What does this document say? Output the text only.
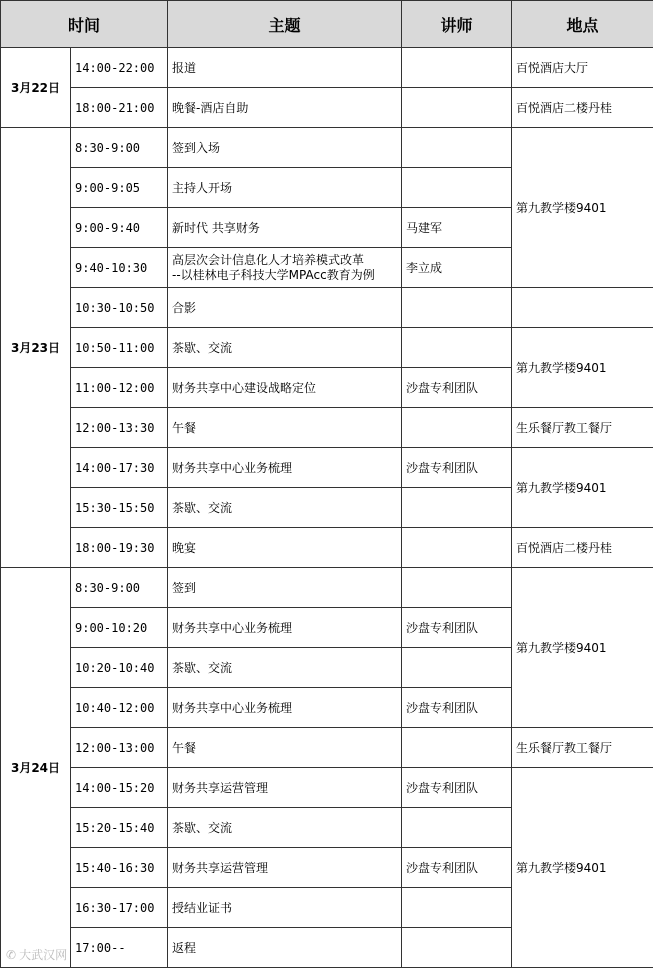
时间		主题	讲师	地点
3月22日	14:00-22:00	报道		百悦酒店大厅
	18:00-21:00	晚餐-酒店自助		百悦酒店二楼丹桂
3月23日	8:30-9:00	签到入场		第九教学楼9401
	9:00-9:05	主持人开场		
	9:00-9:40	新时代 共享财务	马建军	
	9:40-10:30	高层次会计信息化人才培养模式改革
--以桂林电子科技大学MPAcc教育为例	李立成	
	10:30-10:50	合影		
	10:50-11:00	茶歇、交流		第九教学楼9401
	11:00-12:00	财务共享中心建设战略定位	沙盘专利团队	
	12:00-13:30	午餐		生乐餐厅教工餐厅
	14:00-17:30	财务共享中心业务梳理	沙盘专利团队	第九教学楼9401
	15:30-15:50	茶歇、交流		
	18:00-19:30	晚宴		百悦酒店二楼丹桂
3月24日	8:30-9:00	签到		第九教学楼9401
	9:00-10:20	财务共享中心业务梳理	沙盘专利团队	
	10:20-10:40	茶歇、交流		
	10:40-12:00	财务共享中心业务梳理	沙盘专利团队	
	12:00-13:00	午餐		生乐餐厅教工餐厅
	14:00-15:20	财务共享运营管理	沙盘专利团队	第九教学楼9401
	15:20-15:40	茶歇、交流		
	15:40-16:30	财务共享运营管理	沙盘专利团队	
	16:30-17:00	授结业证书		
	17:00--	返程		
✆ 大武汉网
